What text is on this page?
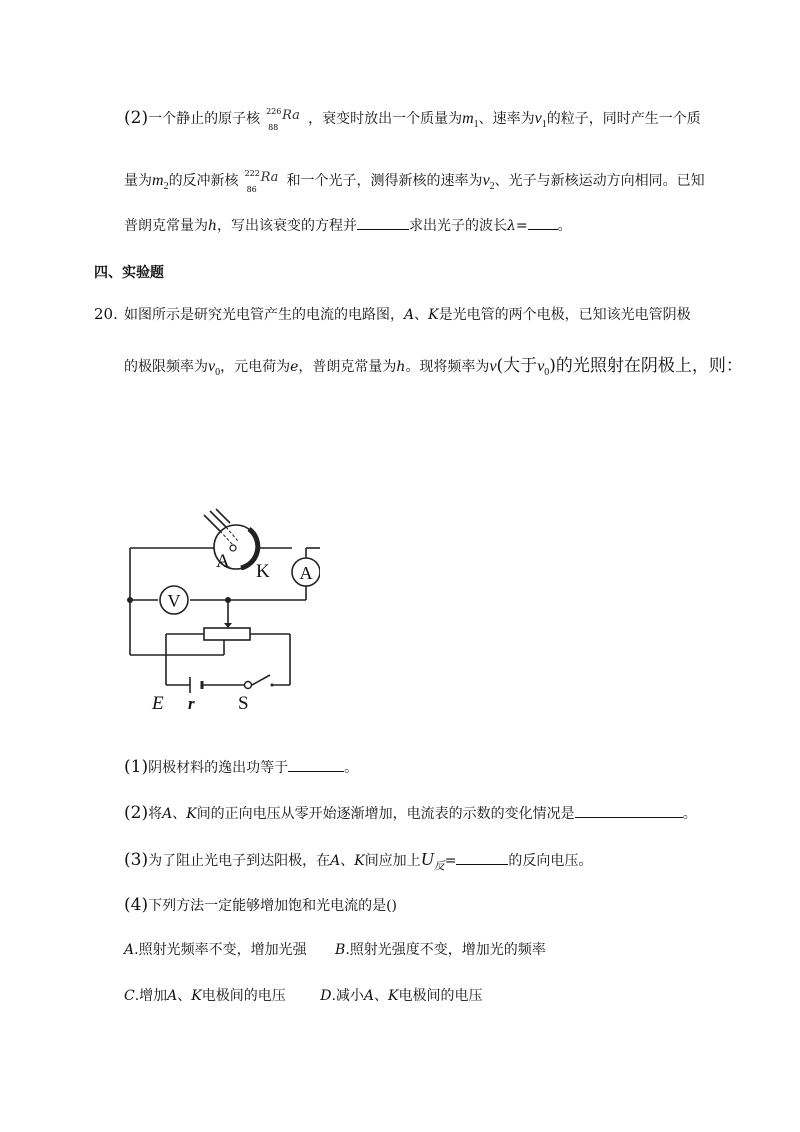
(2)一个静止的原子核 226
88
Ra ，衰变时放出一个质量为$m_1$、速率为$v_1$的粒子，同时产生一个质
量为$m_2$的反冲新核 222
86
Ra 和一个光子，测得新核的速率为$v_2$、光子与新核运动方向相同。已知
普朗克常量为h，写出该衰变的方程并	求出光子的波长λ= 。
四、实验题
20. 如图所示是研究光电管产生的电流的电路图，A、K是光电管的两个电极，已知该光电管阴极
的极限频率为$v_0$，元电荷为e，普朗克常量为h。现将频率为v(大于$v_0$)的光照射在阴极上，则：
A
V
A K
E r S
(1)阴极材料的逸出功等于	。
(2)将A、K间的正向电压从零开始逐渐增加，电流表的示数的变化情况是	。
(3)为了阻止光电子到达阳极，在A、K间应加上$U_反=$	的反向电压。
(4)下列方法一定能够增加饱和光电流的是()
A.照射光频率不变，增加光强 B.照射光强度不变，增加光的频率
C.增加A、K电极间的电压 D.减小A、K电极间的电压
